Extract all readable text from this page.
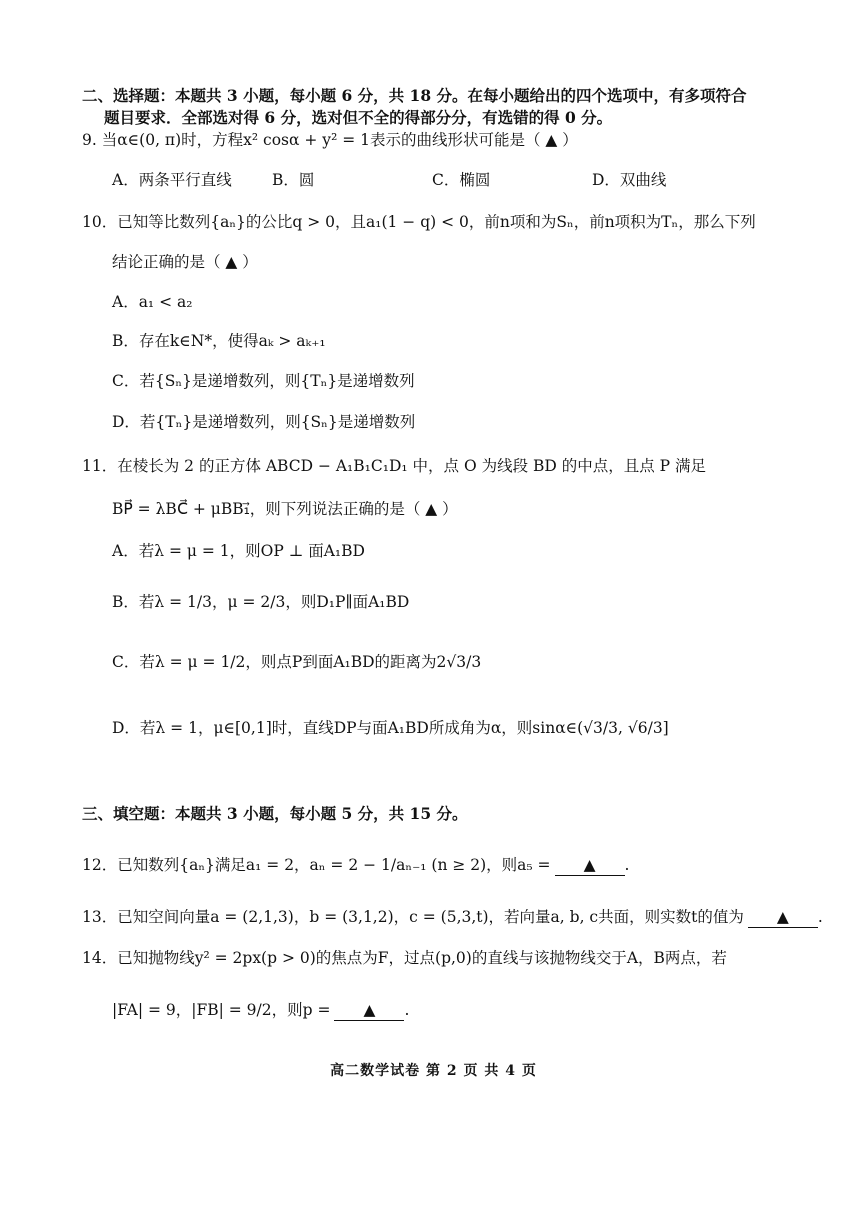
二、选择题：本题共 3 小题，每小题 6 分，共 18 分。在每小题给出的四个选项中，有多项符合
题目要求．全部选对得 6 分，选对但不全的得部分分，有选错的得 0 分。
9. 当α∈(0, π)时，方程x² cosα + y² = 1表示的曲线形状可能是（ ▲ ）
A．两条平行直线	B．圆	C．椭圆	D．双曲线
10．已知等比数列{aₙ}的公比q > 0，且a₁(1 − q) < 0，前n项和为Sₙ，前n项积为Tₙ，那么下列
结论正确的是（ ▲ ）
A．a₁ < a₂
B．存在k∈N*，使得aₖ > aₖ₊₁
C．若{Sₙ}是递增数列，则{Tₙ}是递增数列
D．若{Tₙ}是递增数列，则{Sₙ}是递增数列
11．在棱长为 2 的正方体 ABCD − A₁B₁C₁D₁ 中，点 O 为线段 BD 的中点，且点 P 满足
BP⃗ = λBC⃗ + μBB₁⃗，则下列说法正确的是（ ▲ ）
A．若λ = μ = 1，则OP ⊥ 面A₁BD
B．若λ = 1/3，μ = 2/3，则D₁P∥面A₁BD
C．若λ = μ = 1/2，则点P到面A₁BD的距离为2√3/3
D．若λ = 1，μ∈[0,1]时，直线DP与面A₁BD所成角为α，则sinα∈(√3/3, √6/3]
三、填空题：本题共 3 小题，每小题 5 分，共 15 分。
12．已知数列{aₙ}满足a₁ = 2，aₙ = 2 − 1/aₙ₋₁ (n ≥ 2)，则a₅ = ▲ .
13．已知空间向量a = (2,1,3)，b = (3,1,2)，c = (5,3,t)，若向量a, b, c共面，则实数t的值为 ▲ .
14．已知抛物线y² = 2px(p > 0)的焦点为F，过点(p,0)的直线与该抛物线交于A，B两点，若
|FA| = 9，|FB| = 9/2，则p = ▲ .
高二数学试卷 第 2 页 共 4 页
